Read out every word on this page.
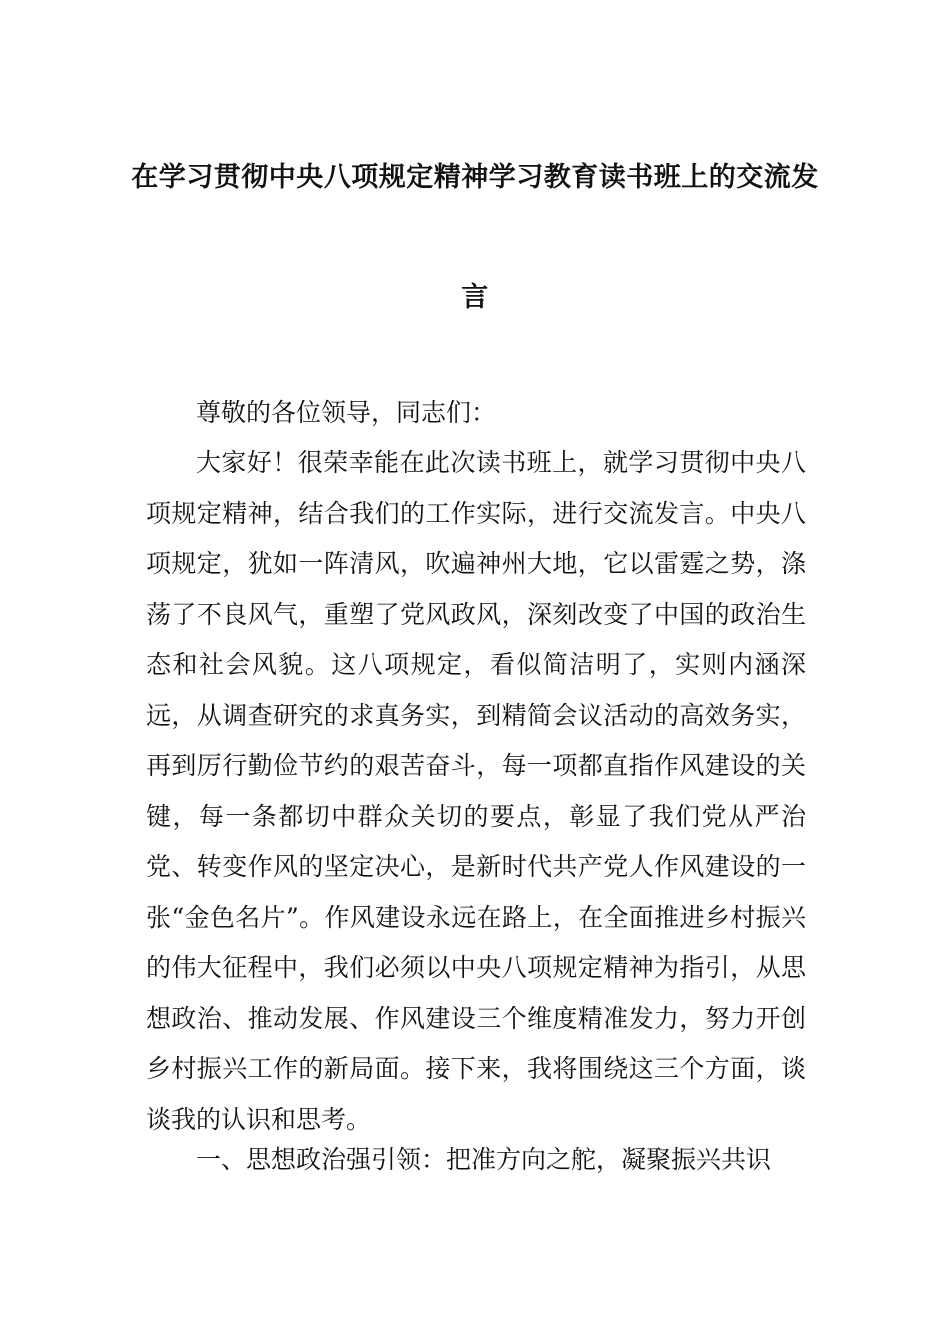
在学习贯彻中央八项规定精神学习教育读书班上的交流发
言

尊敬的各位领导，同志们：

大家好！很荣幸能在此次读书班上，就学习贯彻中央八项规定精神，结合我们的工作实际，进行交流发言。中央八项规定，犹如一阵清风，吹遍神州大地，它以雷霆之势，涤荡了不良风气，重塑了党风政风，深刻改变了中国的政治生态和社会风貌。这八项规定，看似简洁明了，实则内涵深远，从调查研究的求真务实，到精简会议活动的高效务实，再到厉行勤俭节约的艰苦奋斗，每一项都直指作风建设的关键，每一条都切中群众关切的要点，彰显了我们党从严治党、转变作风的坚定决心，是新时代共产党人作风建设的一张“金色名片”。作风建设永远在路上，在全面推进乡村振兴的伟大征程中，我们必须以中央八项规定精神为指引，从思想政治、推动发展、作风建设三个维度精准发力，努力开创乡村振兴工作的新局面。接下来，我将围绕这三个方面，谈谈我的认识和思考。

一、思想政治强引领：把准方向之舵，凝聚振兴共识
